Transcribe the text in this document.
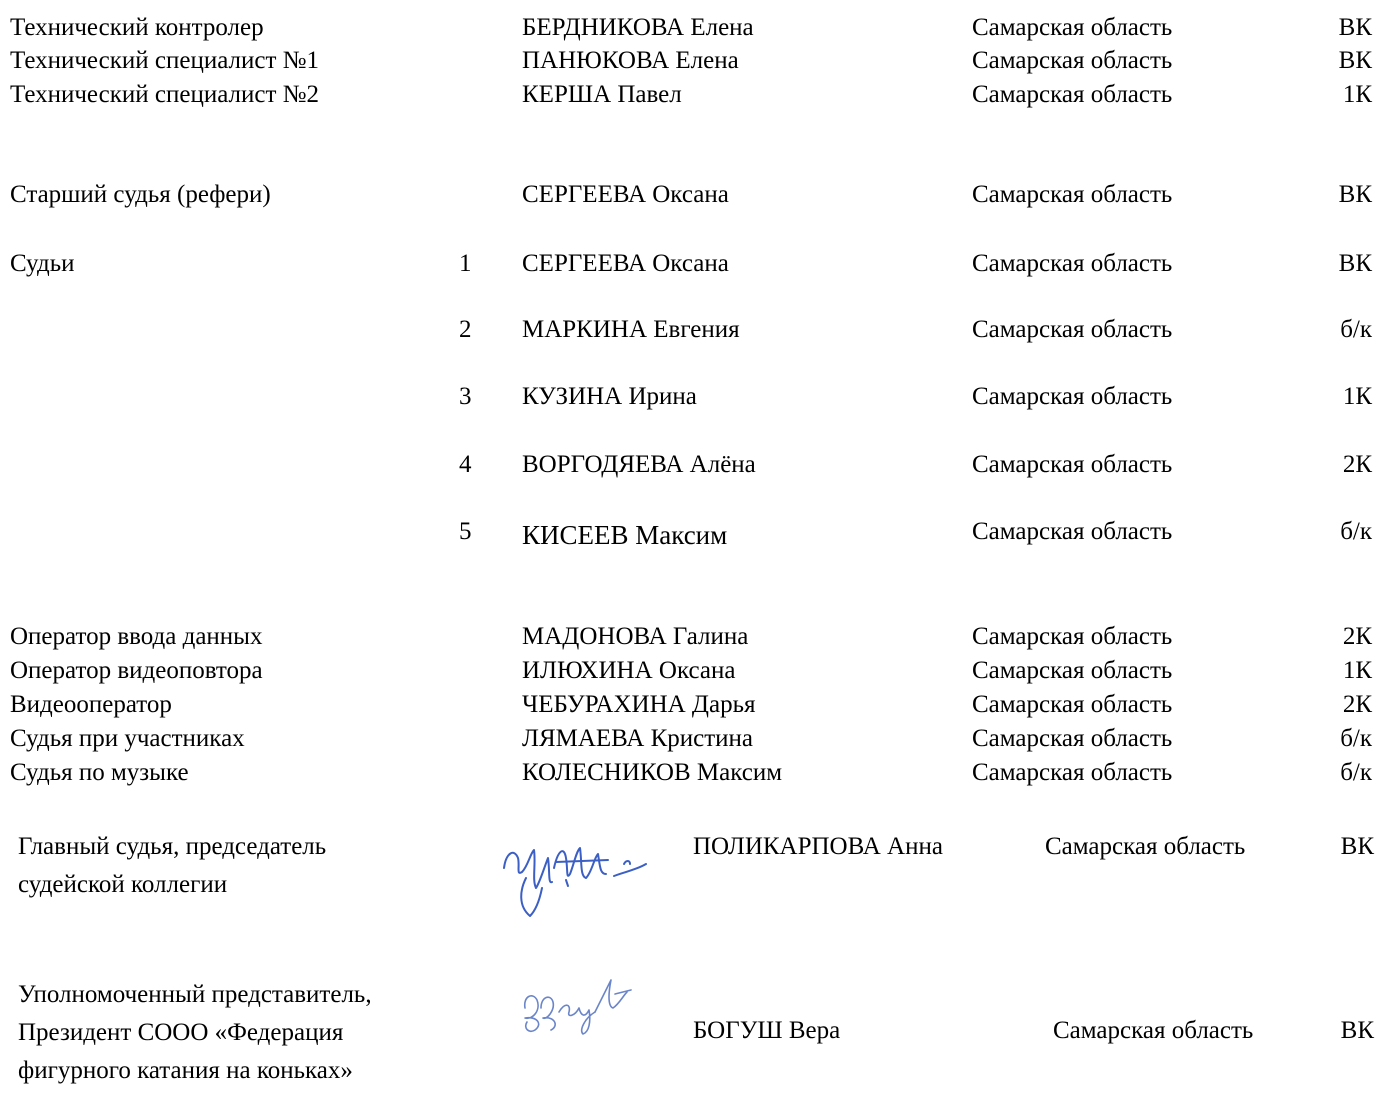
Технический контролер	БЕРДНИКОВА Елена	Самарская область	ВК
Технический специалист №1	ПАНЮКОВА Елена	Самарская область	ВК
Технический специалист №2	КЕРША Павел	Самарская область	1К
Старший судья (рефери)	СЕРГЕЕВА Оксана	Самарская область	ВК
Судьи	1 СЕРГЕЕВА Оксана	Самарская область	ВК
2 МАРКИНА Евгения	Самарская область	б/к
3 КУЗИНА Ирина	Самарская область	1К
4 ВОРГОДЯЕВА Алёна	Самарская область	2К
5 КИСЕЕВ Максим	Самарская область	б/к
Оператор ввода данных	МАДОНОВА Галина	Самарская область	2К
Оператор видеоповтора	ИЛЮХИНА Оксана	Самарская область	1К
Видеооператор	ЧЕБУРАХИНА Дарья	Самарская область	2К
Судья при участниках	ЛЯМАЕВА Кристина	Самарская область	б/к
Судья по музыке	КОЛЕСНИКОВ Максим	Самарская область	б/к
Главный судья, председатель
судейской коллегии
ПОЛИКАРПОВА Анна	Самарская область	ВК
Уполномоченный представитель,
Президент СООО «Федерация
фигурного катания на коньках»
БОГУШ Вера	Самарская область	ВК
